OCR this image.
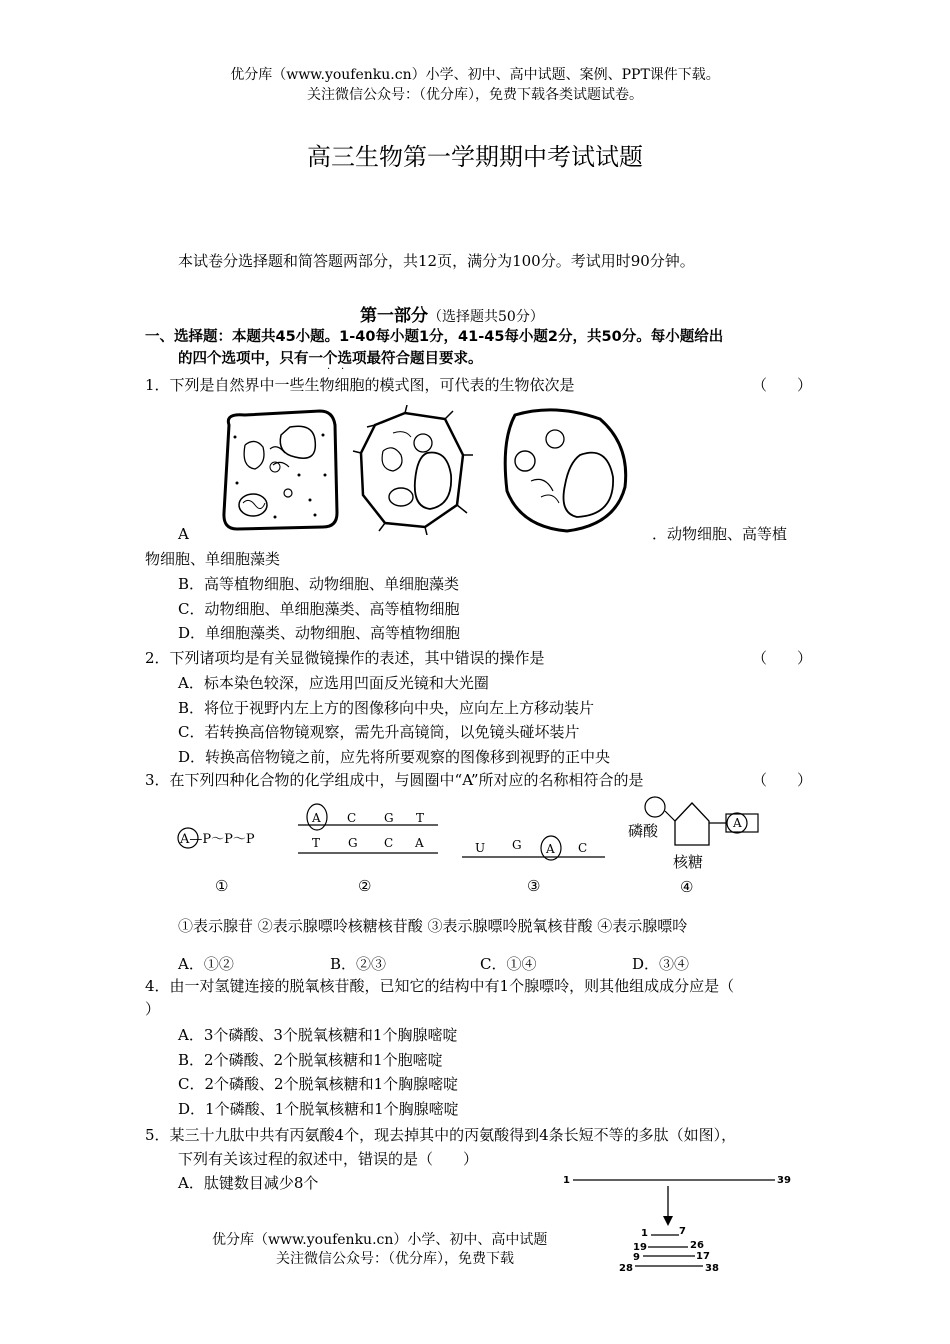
优分库（www.youfenku.cn）小学、初中、高中试题、案例、PPT课件下载。
关注微信公众号：（优分库），免费下载各类试题试卷。
高三生物第一学期期中考试试题
本试卷分选择题和简答题两部分，共12页，满分为100分。考试用时90分钟。
第一部分（选择题共50分）
一、选择题：本题共45小题。1-40每小题1分，41-45每小题2分，共50分。每小题给出
的四个选项中，只有一个选项最符合题目要求。
· ·
1．下列是自然界中一些生物细胞的模式图，可代表的生物依次是	（　　）
A	．动物细胞、高等植
物细胞、单细胞藻类
B．高等植物细胞、动物细胞、单细胞藻类
C．动物细胞、单细胞藻类、高等植物细胞
D．单细胞藻类、动物细胞、高等植物细胞
2．下列诸项均是有关显微镜操作的表述，其中错误的操作是	（　　）
A．标本染色较深，应选用凹面反光镜和大光圈
B．将位于视野内左上方的图像移向中央，应向左上方移动装片
C．若转换高倍物镜观察，需先升高镜筒，以免镜头碰坏装片
D．转换高倍物镜之前，应先将所要观察的图像移到视野的正中央
3．在下列四种化合物的化学组成中，与圆圈中“A”所对应的名称相符合的是	（　　）
A—P～P～P
①
A C G T
T G C A
②
U G A C
③
A
磷酸
核糖
④
①表示腺苷 ②表示腺嘌呤核糖核苷酸 ③表示腺嘌呤脱氧核苷酸 ④表示腺嘌呤
A．①②	B．②③	C．①④	D．③④
4．由一对氢键连接的脱氧核苷酸，已知它的结构中有1个腺嘌呤，则其他组成成分应是（
）
A．3个磷酸、3个脱氧核糖和1个胸腺嘧啶
B．2个磷酸、2个脱氧核糖和1个胞嘧啶
C．2个磷酸、2个脱氧核糖和1个胸腺嘧啶
D．1个磷酸、1个脱氧核糖和1个胸腺嘧啶
5．某三十九肽中共有丙氨酸4个，现去掉其中的丙氨酸得到4条长短不等的多肽（如图），
下列有关该过程的叙述中，错误的是（　　）
A．肽键数目减少8个	1	39
1	7
19	26
9	17
28	38
优分库（www.youfenku.cn）小学、初中、高中试题
关注微信公众号：（优分库），免费下载
